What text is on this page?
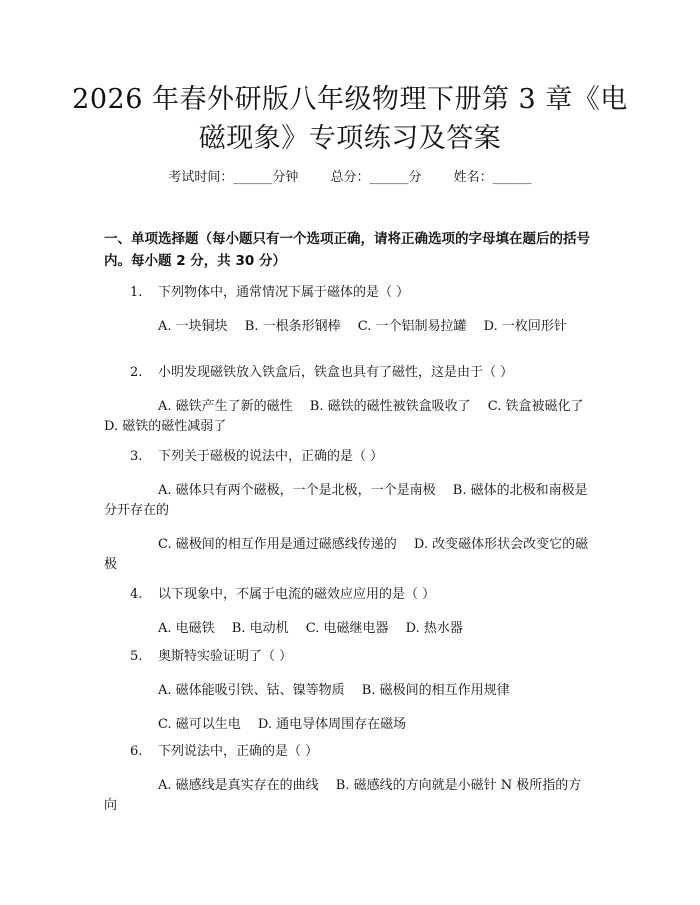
2026 年春外研版八年级物理下册第 3 章《电磁现象》专项练习及答案
考试时间：______分钟 总分：______分 姓名：______
一、单项选择题（每小题只有一个选项正确，请将正确选项的字母填在题后的括号内。每小题 2 分，共 30 分）
1. 下列物体中，通常情况下属于磁体的是（ ）

A. 一块铜块　 B. 一根条形钢棒　 C. 一个铝制易拉罐　 D. 一枚回形针

2. 小明发现磁铁放入铁盒后，铁盒也具有了磁性，这是由于（ ）

A. 磁铁产生了新的磁性　 B. 磁铁的磁性被铁盒吸收了　 C. 铁盒被磁化了　 D. 磁铁的磁性减弱了

3. 下列关于磁极的说法中，正确的是（ ）

A. 磁体只有两个磁极，一个是北极，一个是南极　 B. 磁体的北极和南极是分开存在的

C. 磁极间的相互作用是通过磁感线传递的　 D. 改变磁体形状会改变它的磁极

4. 以下现象中，不属于电流的磁效应应用的是（ ）

A. 电磁铁　 B. 电动机　 C. 电磁继电器　 D. 热水器

5. 奥斯特实验证明了（ ）

A. 磁体能吸引铁、钴、镍等物质　 B. 磁极间的相互作用规律

C. 磁可以生电　 D. 通电导体周围存在磁场

6. 下列说法中，正确的是（ ）

A. 磁感线是真实存在的曲线　 B. 磁感线的方向就是小磁针 N 极所指的方向
